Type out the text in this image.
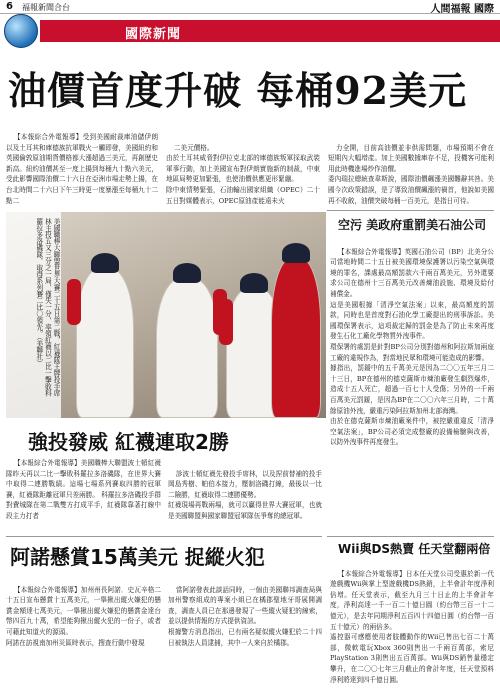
6 福報新聞合台	人間福報 國際
國際新聞
油價首度升破 每桶92美元

【本報綜合外電報導】受到美國耐裁庫油儲伊朗以及土耳其和庫德族抗軍戰火一觸即發，美國紐約和英國倫敦原油期貨價格都大漲超過三美元，再創歷史新高。紐約油價甚至一度上揚到每桶九十點六美元，受此影響國際油價二十六日在亞洲市場走勢上揚，在台北時間二十六日下午三時更一度暴漲至每桶九十二點二

二美元價格。
由於土耳其威脅對伊拉克北部的庫德族叛軍採取武裝軍事行動，加上美國宣布對伊朗實施新的制裁，中東地區局勢更加緊張，也使油價供應更形緊繃。
除中東情勢緊張，石油輸出國家組織（OPEC）二十五日對媒體表示，OPEC原油產能遠未火

力全開，目前高油價並非供需問題，市場預期不會在短期內大幅增產。加上美國數據庫存不足，投機客可能利用此時機進場炒作油價。
委內瑞拉總統查韋斯說，國際油價飆漲美國難辭其咎。美國今次政策錯誤，是了導致油價飆漲的禍首，他說如美國再不收斂，油價突破每桶一百美元，是指日可待。

空污 美政府重罰美石油公司

【本報綜合外電報導】英國石油公司（BP）北美分公司當地時間二十五日被美國環境保護署以污染空氣與環境的罪名，課處最高額罰款六千兩百萬美元，另外還要求公司在德州十三百萬美元改善煉油設施、環境及給付補償金。
這是美國根據「清淨空氣法案」以來，最高額度的罰款，同時也是首度對石油化學工廠提出的刑事訴訟。美國環保署表示，這項裁定歸的罰金是為了防止未來再度發生石化工廠化學物質外洩事件。
環保署的處罰是針對BP公司分別對德州和阿拉斯加兩座工廠的違規作為，對當地民眾和環境可能造成的影響。
據指出，罰鍰中的五千萬美元是因為二〇〇五年三月二十三日，BP在德州的德克薩斯市煉油廠發生劇烈爆炸，造成十五人死亡，超過一百七十人受傷；另外的一千兩百萬美元罰鍰，是因為BP在二〇〇六年三月時，二十萬餘原油外洩，嚴重污染阿拉斯加州北部海灣。
由於在德克薩斯市煉油廠案件中，被控嚴重違反「清淨空氣法案」，BP公司必須完成整廠的設備檢驗與改善，以防外洩事件再度發生。

美國職棒大聯盟世界大賽二十五日第二戰，紅襪隊王牌投手席林主投五又三分之一局，僅失一分，率領紅襪以二比一擊敗科羅拉多洛磯隊，取得系列賽二比〇領先。（美聯社）
強投發威 紅襪連取2勝

【本報綜合外電報導】美國職棒大聯盟波士頓紅襪隊昨天再以二比一擊敗科羅拉多洛磯隊，在世界大賽中取得二連勝戰績。這場七場系列賽取四勝的冠軍賽，紅襪隊距離冠軍只差兩勝。 科羅拉多洛磯投手群對費城隊在第二戰雙方打成平手，紅襪隊靠著打線中段主力打者

診波士頓紅襪先發投手席林，以及捏前替補的投手岡島秀樹、帕伯本接力，壓制洛磯打線，最後以一比二險勝，紅襪取得二連勝優勢。
紅襪現場再戰兩場，就可以贏得世界大賽冠軍，也就是美國聯盟與國家聯盟冠軍隊伍爭奪的總冠軍。

Wii與DS熱賣 任天堂翻兩倍

【本報綜合外電報導】日本任天堂公司受惠於新一代遊戲機Wii與掌上型遊戲機DS熱銷，上半會計年度淨利倍增。任天堂表示，截至九月三十日止的上半會計年度，淨利高達一千一百二十億日圓（約台幣三百一十二億元），是去年同期淨利五百四十四億日圓（約台幣一百五十億元）的兩倍多。
遙控器可感應使用者肢體動作的Wii已售出七百二十萬部，微軟電玩Xbox 360則售出一千兩百萬部，索尼PlayStation 3則售出五百萬部。Wii與DS銷售量穩定攀升，在二〇〇七年三月截止的會計年度，任天堂預料淨利將達到四千億日圓。

阿諾懸賞15萬美元 捉縱火犯

【本報綜合外電報導】加州州長阿諾．史瓦辛格二十五日宣布懸賞十五萬美元，一舉揪出縱火嫌犯的懸賞金額達七萬美元，一舉揪出縱火嫌犯的懸賞金達台幣四百九十萬，希望能夠揪出縱火犯的一份子，或者可藉此知道火的源頭。
阿諾在訪視南加州災區時表示，搜查行動中發現

當阿諾發表此談話同時，一個由美國聯邦調查局與加州警察組成的專案小組已在橘郡聖地牙哥展開調查，調查人員已在那邊發現了一些縱火疑犯的線索，並以提供情報的方式提供資訊。
根據警方消息指出，已有兩名疑似縱火嫌犯於二十四日被執法人員逮捕，其中一人來自於橘郡。
